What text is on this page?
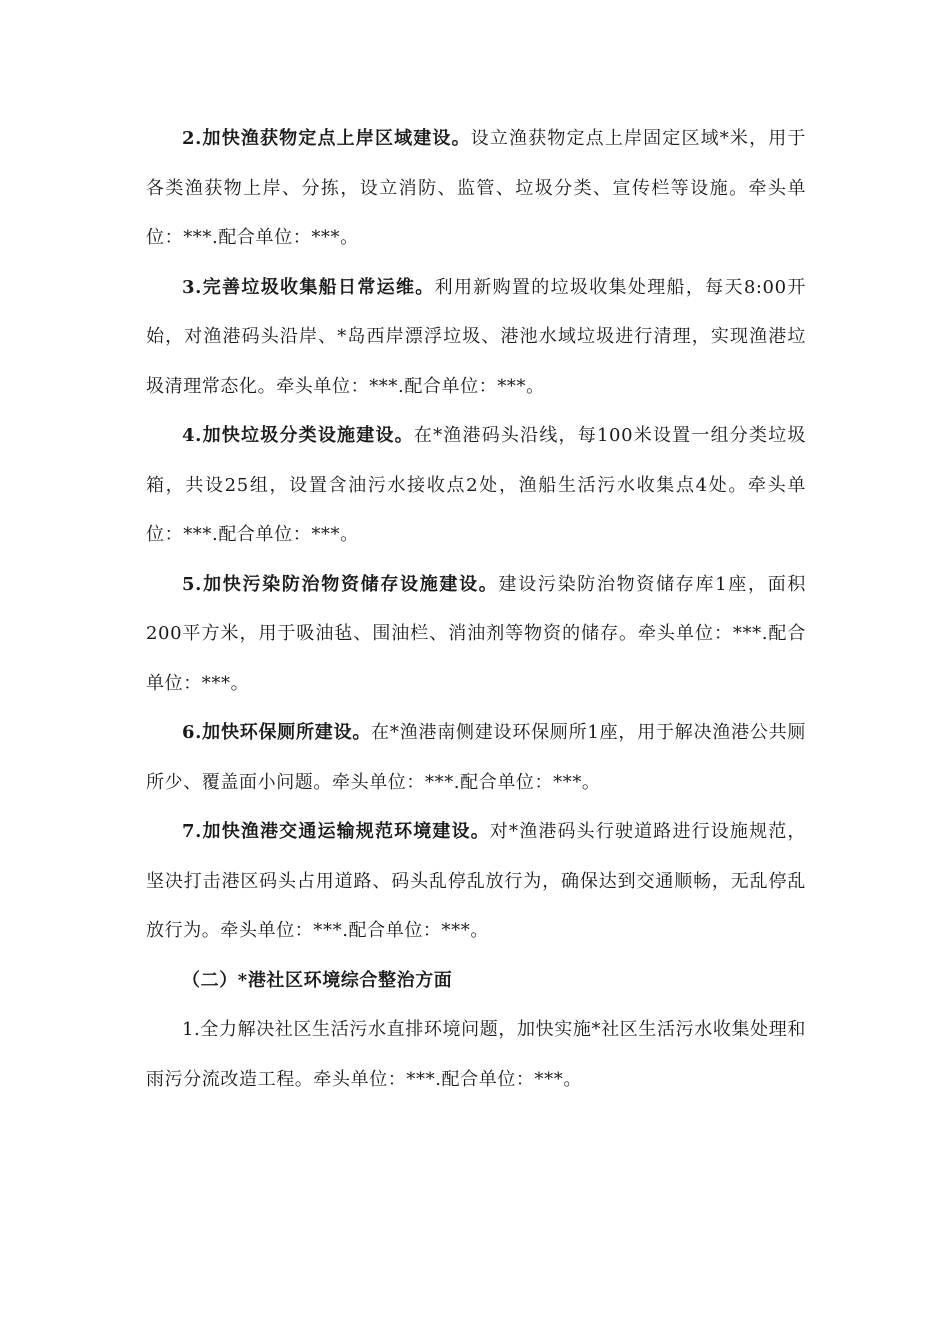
2.加快渔获物定点上岸区域建设。设立渔获物定点上岸固定区域*米，用于各类渔获物上岸、分拣，设立消防、监管、垃圾分类、宣传栏等设施。牵头单位：***.配合单位：***。

3.完善垃圾收集船日常运维。利用新购置的垃圾收集处理船，每天8:00开始，对渔港码头沿岸、*岛西岸漂浮垃圾、港池水域垃圾进行清理，实现渔港垃圾清理常态化。牵头单位：***.配合单位：***。

4.加快垃圾分类设施建设。在*渔港码头沿线，每100米设置一组分类垃圾箱，共设25组，设置含油污水接收点2处，渔船生活污水收集点4处。牵头单位：***.配合单位：***。

5.加快污染防治物资储存设施建设。建设污染防治物资储存库1座，面积200平方米，用于吸油毡、围油栏、消油剂等物资的储存。牵头单位：***.配合单位：***。

6.加快环保厕所建设。在*渔港南侧建设环保厕所1座，用于解决渔港公共厕所少、覆盖面小问题。牵头单位：***.配合单位：***。

7.加快渔港交通运输规范环境建设。对*渔港码头行驶道路进行设施规范，坚决打击港区码头占用道路、码头乱停乱放行为，确保达到交通顺畅，无乱停乱放行为。牵头单位：***.配合单位：***。

（二）*港社区环境综合整治方面

1.全力解决社区生活污水直排环境问题，加快实施*社区生活污水收集处理和雨污分流改造工程。牵头单位：***.配合单位：***。
